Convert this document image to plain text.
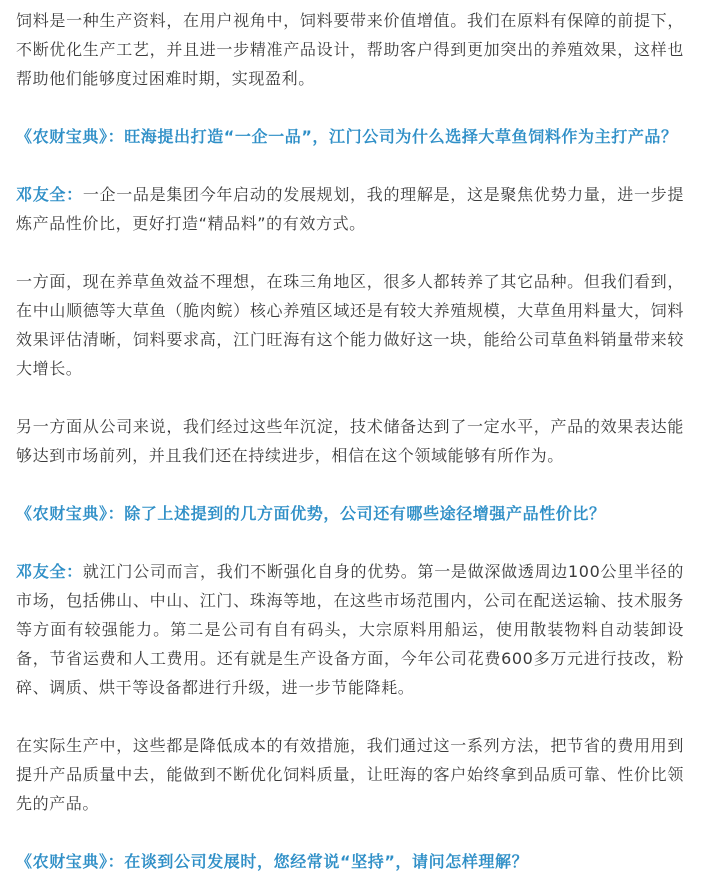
饲料是一种生产资料，在用户视角中，饲料要带来价值增值。我们在原料有保障的前提下， 不断优化生产工艺，并且进一步精准产品设计，帮助客户得到更加突出的养殖效果，这样也帮助他们能够度过困难时期，实现盈利。

《农财宝典》：旺海提出打造“一企一品”，江门公司为什么选择大草鱼饲料作为主打产品？

邓友全：一企一品是集团今年启动的发展规划，我的理解是，这是聚焦优势力量，进一步提炼产品性价比，更好打造“精品料”的有效方式。

一方面，现在养草鱼效益不理想，在珠三角地区，很多人都转养了其它品种。但我们看到，在中山顺德等大草鱼（脆肉鲩）核心养殖区域还是有较大养殖规模，大草鱼用料量大，饲料效果评估清晰，饲料要求高，江门旺海有这个能力做好这一块，能给公司草鱼料销量带来较大增长。

另一方面从公司来说，我们经过这些年沉淀，技术储备达到了一定水平，产品的效果表达能够达到市场前列，并且我们还在持续进步，相信在这个领域能够有所作为。

《农财宝典》：除了上述提到的几方面优势，公司还有哪些途径增强产品性价比？

邓友全：就江门公司而言，我们不断强化自身的优势。第一是做深做透周边100公里半径的市场，包括佛山、中山、江门、珠海等地，在这些市场范围内，公司在配送运输、技术服务等方面有较强能力。第二是公司有自有码头，大宗原料用船运，使用散装物料自动装卸设备，节省运费和人工费用。还有就是生产设备方面，今年公司花费600多万元进行技改，粉碎、调质、烘干等设备都进行升级，进一步节能降耗。

在实际生产中，这些都是降低成本的有效措施，我们通过这一系列方法，把节省的费用用到提升产品质量中去，能做到不断优化饲料质量，让旺海的客户始终拿到品质可靠、性价比领先的产品。

《农财宝典》：在谈到公司发展时，您经常说“坚持”，请问怎样理解？
